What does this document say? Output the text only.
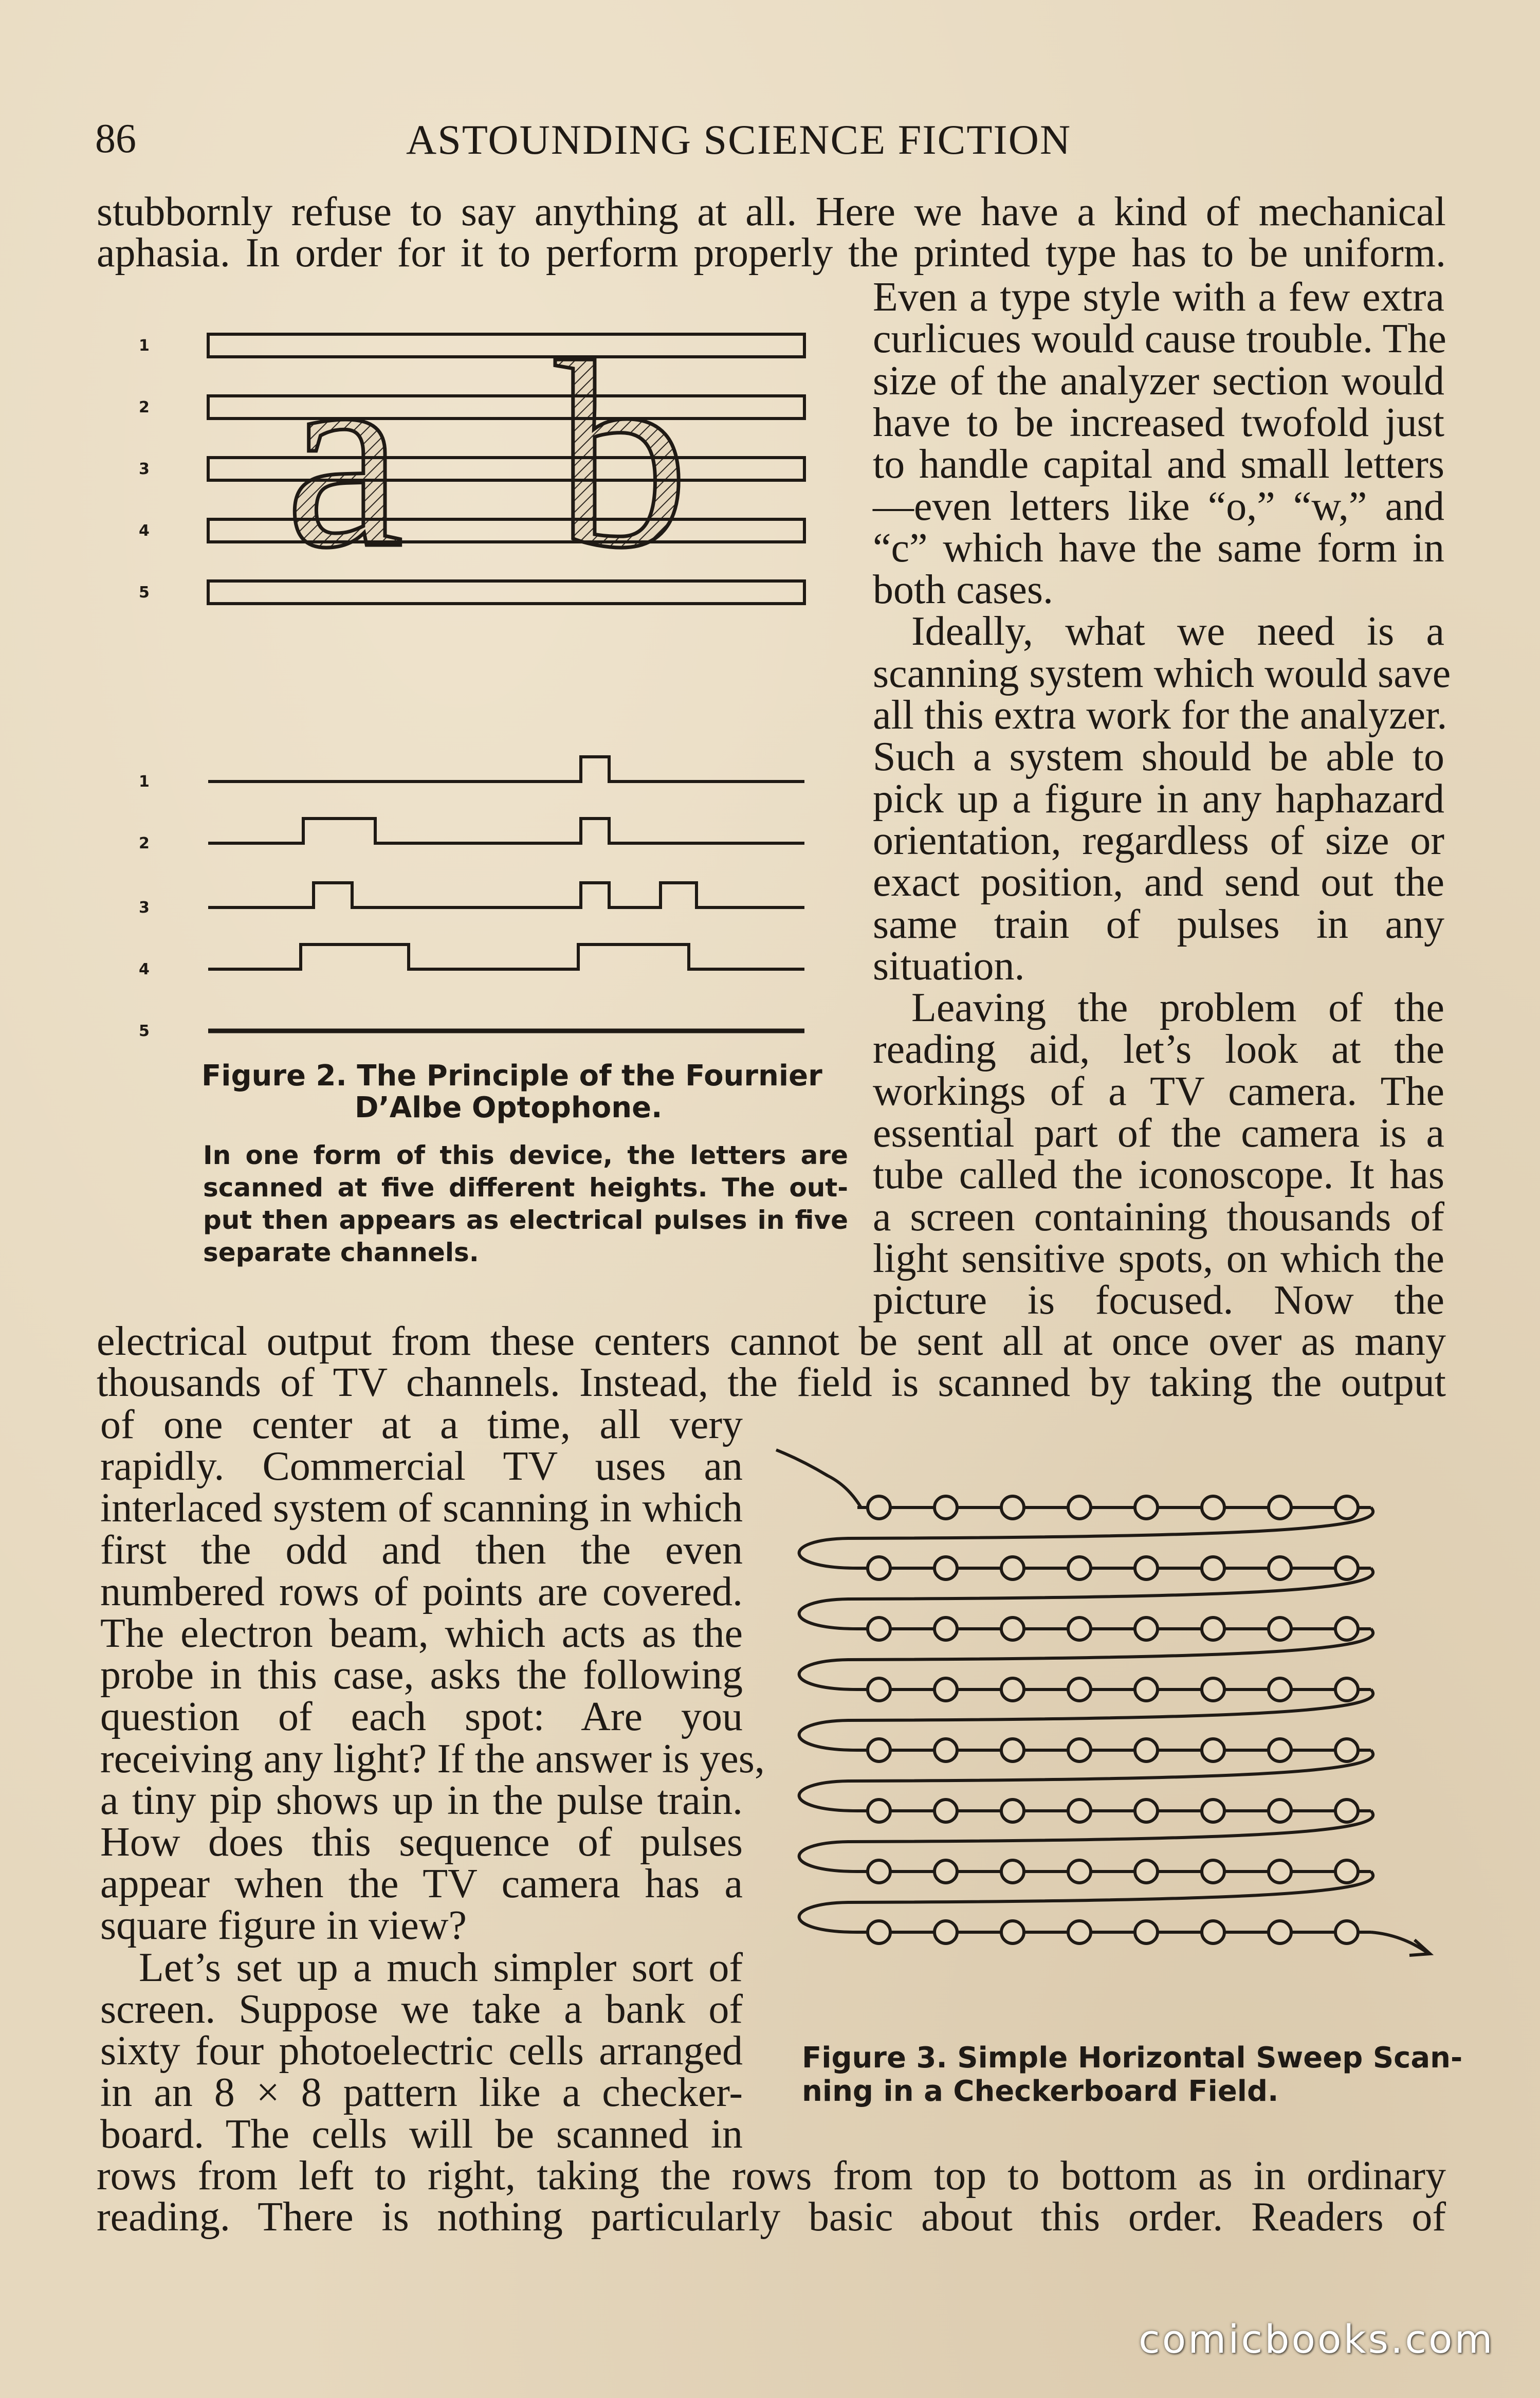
86	ASTOUNDING SCIENCE FICTION
stubbornly refuse to say anything at all. Here we have a kind of mechanical
aphasia. In order for it to perform properly the printed type has to be uniform.
Even a type style with a few extra
curlicues would cause trouble. The
size of the analyzer section would
have to be increased twofold just
to handle capital and small letters
—even letters like “o,” “w,” and
“c” which have the same form in
both cases.
Ideally, what we need is a
scanning system which would save
all this extra work for the analyzer.
Such a system should be able to
pick up a figure in any haphazard
orientation, regardless of size or
exact position, and send out the
same train of pulses in any
situation.
Leaving the problem of the
reading aid, let’s look at the
workings of a TV camera. The
essential part of the camera is a
tube called the iconoscope. It has
a screen containing thousands of
light sensitive spots, on which the
picture is focused. Now the
electrical output from these centers cannot be sent all at once over as many
thousands of TV channels. Instead, the field is scanned by taking the output
of one center at a time, all very
rapidly. Commercial TV uses an
interlaced system of scanning in which
first the odd and then the even
numbered rows of points are covered.
The electron beam, which acts as the
probe in this case, asks the following
question of each spot: Are you
receiving any light? If the answer is yes,
a tiny pip shows up in the pulse train.
How does this sequence of pulses
appear when the TV camera has a
square figure in view?
Let’s set up a much simpler sort of
screen. Suppose we take a bank of
sixty four photoelectric cells arranged
in an 8 × 8 pattern like a checker-
board. The cells will be scanned in
rows from left to right, taking the rows from top to bottom as in ordinary
reading. There is nothing particularly basic about this order. Readers of
a b
1
2
3
4
5
1
2
3
4
5
Figure 2. The Principle of the Fournier
D’Albe Optophone.
In one form of this device, the letters are
scanned at five different heights. The out-
put then appears as electrical pulses in five
separate channels.
Figure 3. Simple Horizontal Sweep Scan-
ning in a Checkerboard Field.
comicbooks.com
